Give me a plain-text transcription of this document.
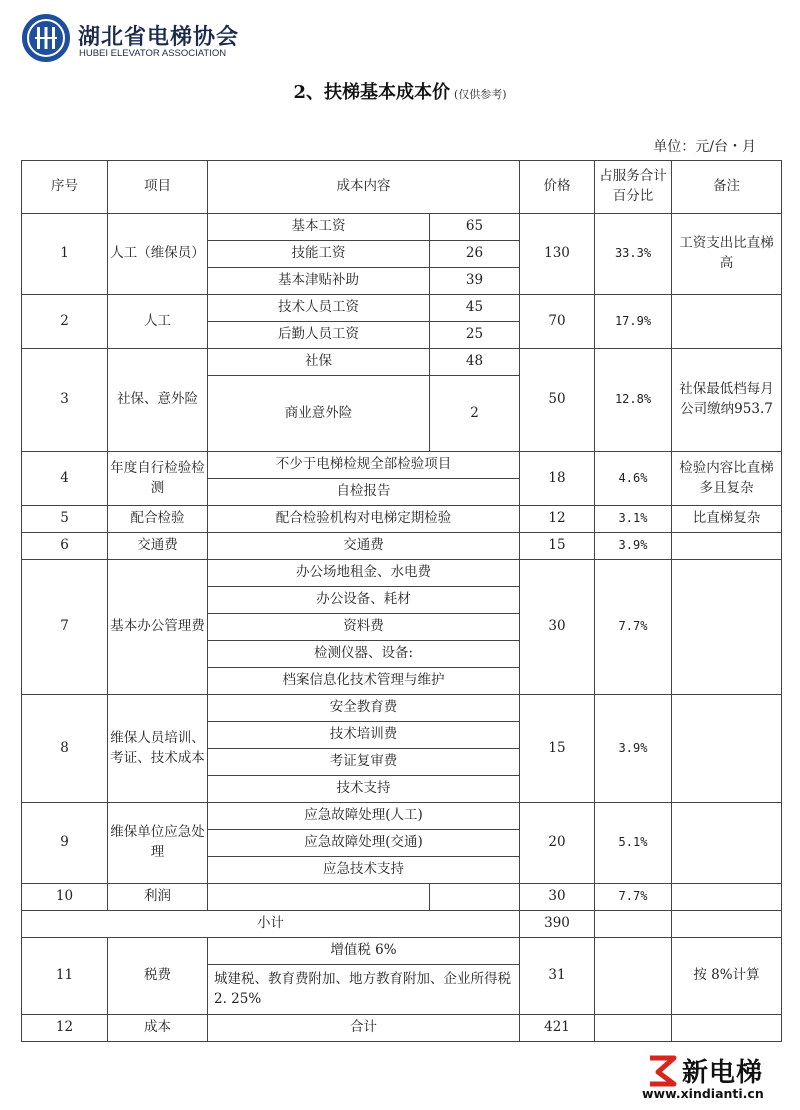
湖北省电梯协会
HUBEI ELEVATOR ASSOCIATION
2、扶梯基本成本价 (仅供参考)
单位：元/台・月
序号	项目	成本内容		价格	占服务合计百分比	备注
1	人工（维保员）	基本工资	65	130	33.3%	工资支出比直梯高
		技能工资	26			
		基本津贴补助	39			
2	人工	技术人员工资	45	70	17.9%	
		后勤人员工资	25			
3	社保、意外险	社保	48	50	12.8%	社保最低档每月公司缴纳953.7
		商业意外险	2			
4	年度自行检验检测	不少于电梯检规全部检验项目		18	4.6%	检验内容比直梯多且复杂
		自检报告				
5	配合检验	配合检验机构对电梯定期检验		12	3.1%	比直梯复杂
6	交通费	交通费		15	3.9%	
7	基本办公管理费	办公场地租金、水电费		30	7.7%	
		办公设备、耗材				
		资料费				
		检测仪器、设备:				
		档案信息化技术管理与维护				
8	维保人员培训、考证、技术成本	安全教育费		15	3.9%	
		技术培训费				
		考证复审费				
		技术支持				
9	维保单位应急处理	应急故障处理(人工)		20	5.1%	
		应急故障处理(交通)				
		应急技术支持				
10	利润			30	7.7%	
小计				390		
11	税费	增值税 6%		31		按 8%计算
		城建税、教育费附加、地方教育附加、企业所得税 2. 25%				
12	成本	合计		421		
新电梯
www.xindianti.cn
